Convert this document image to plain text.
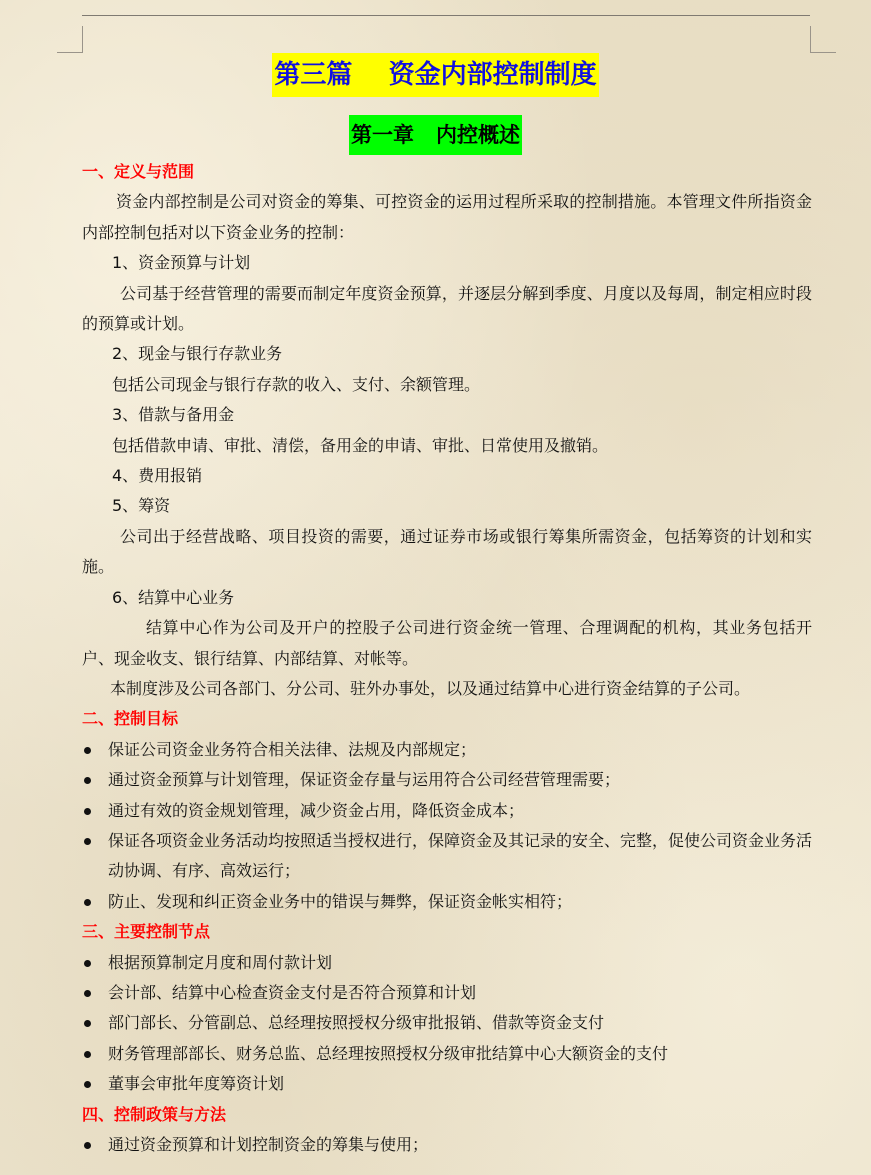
第三篇    资金内部控制制度
第一章   内控概述

一、定义与范围

资金内部控制是公司对资金的筹集、可控资金的运用过程所采取的控制措施。本管理文件所指资金内部控制包括对以下资金业务的控制：

1、资金预算与计划

公司基于经营管理的需要而制定年度资金预算，并逐层分解到季度、月度以及每周，制定相应时段的预算或计划。

2、现金与银行存款业务

包括公司现金与银行存款的收入、支付、余额管理。

3、借款与备用金

包括借款申请、审批、清偿，备用金的申请、审批、日常使用及撤销。

4、费用报销

5、筹资

公司出于经营战略、项目投资的需要，通过证券市场或银行筹集所需资金，包括筹资的计划和实施。

6、结算中心业务

结算中心作为公司及开户的控股子公司进行资金统一管理、合理调配的机构，其业务包括开户、现金收支、银行结算、内部结算、对帐等。

本制度涉及公司各部门、分公司、驻外办事处，以及通过结算中心进行资金结算的子公司。

二、控制目标

保证公司资金业务符合相关法律、法规及内部规定；
通过资金预算与计划管理，保证资金存量与运用符合公司经营管理需要；
通过有效的资金规划管理，减少资金占用，降低资金成本；
保证各项资金业务活动均按照适当授权进行，保障资金及其记录的安全、完整，促使公司资金业务活动协调、有序、高效运行；
防止、发现和纠正资金业务中的错误与舞弊，保证资金帐实相符；

三、主要控制节点

根据预算制定月度和周付款计划
会计部、结算中心检查资金支付是否符合预算和计划
部门部长、分管副总、总经理按照授权分级审批报销、借款等资金支付
财务管理部部长、财务总监、总经理按照授权分级审批结算中心大额资金的支付
董事会审批年度筹资计划

四、控制政策与方法

通过资金预算和计划控制资金的筹集与使用；
